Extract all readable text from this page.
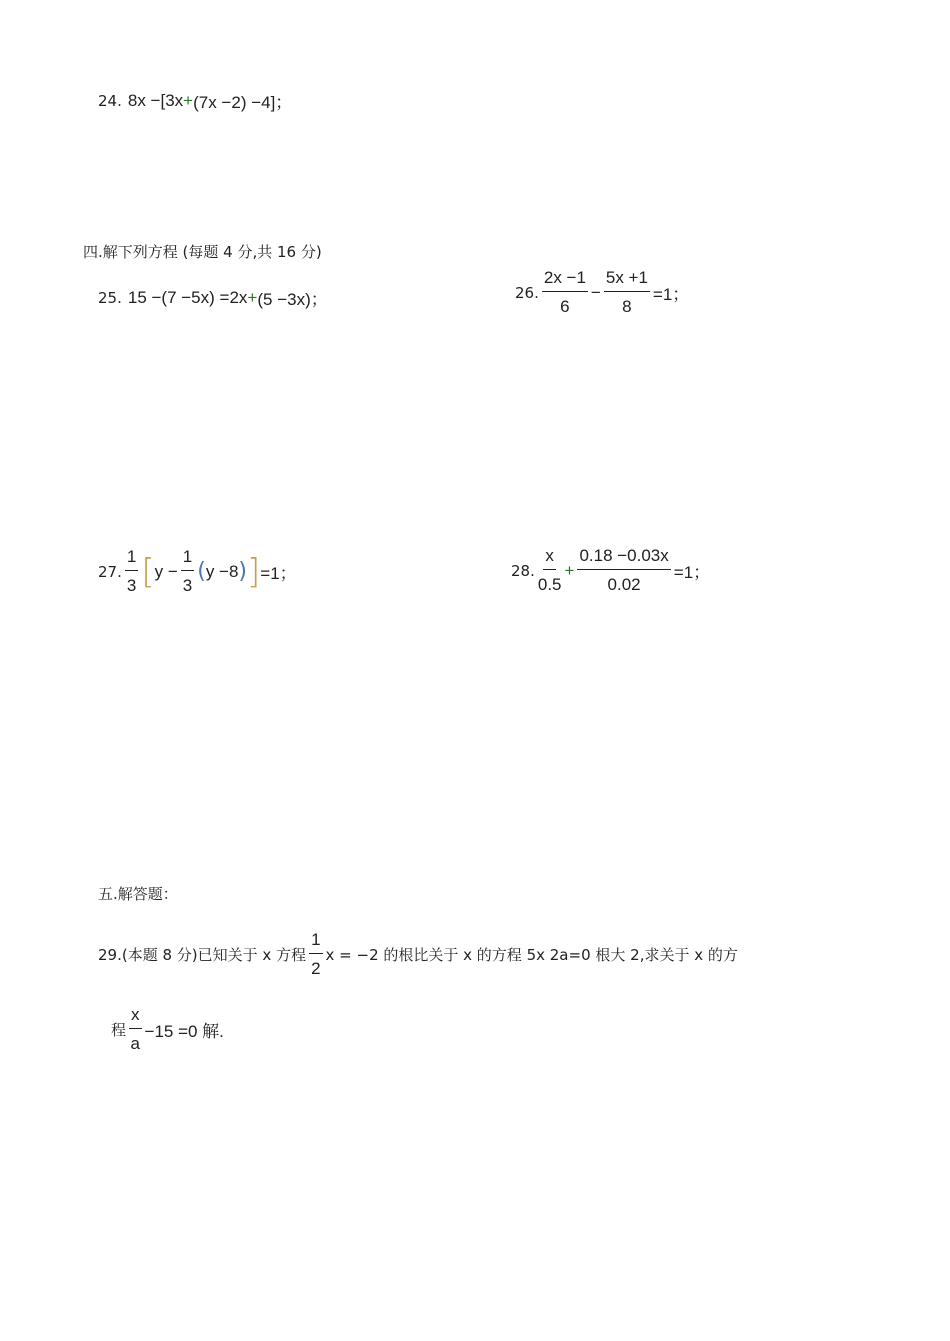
24. 8x −[3x + (7x −2) −4]；
四.解下列方程 (每题 4 分,共 16 分)
25. 15 −(7 −5x) =2x + (5 −3x)；	26. $\frac{2x -1}{6} - \frac{5x +1}{8} =1$；
27. $\frac{1}{3}$ [ $y - \frac{1}{3}$ ( y −8 ) ] =1；	28. $\frac{x}{0.5} + \frac{0.18 -0.03x}{0.02} =1$；
五.解答题：
29.(本题 8 分)已知关于 x 方程 $\frac{1}{2}$ x = −2 的根比关于 x 的方程 5x 2a=0 根大 2,求关于 x 的方
程 $\frac{x}{a} -15 =0$ 解.
